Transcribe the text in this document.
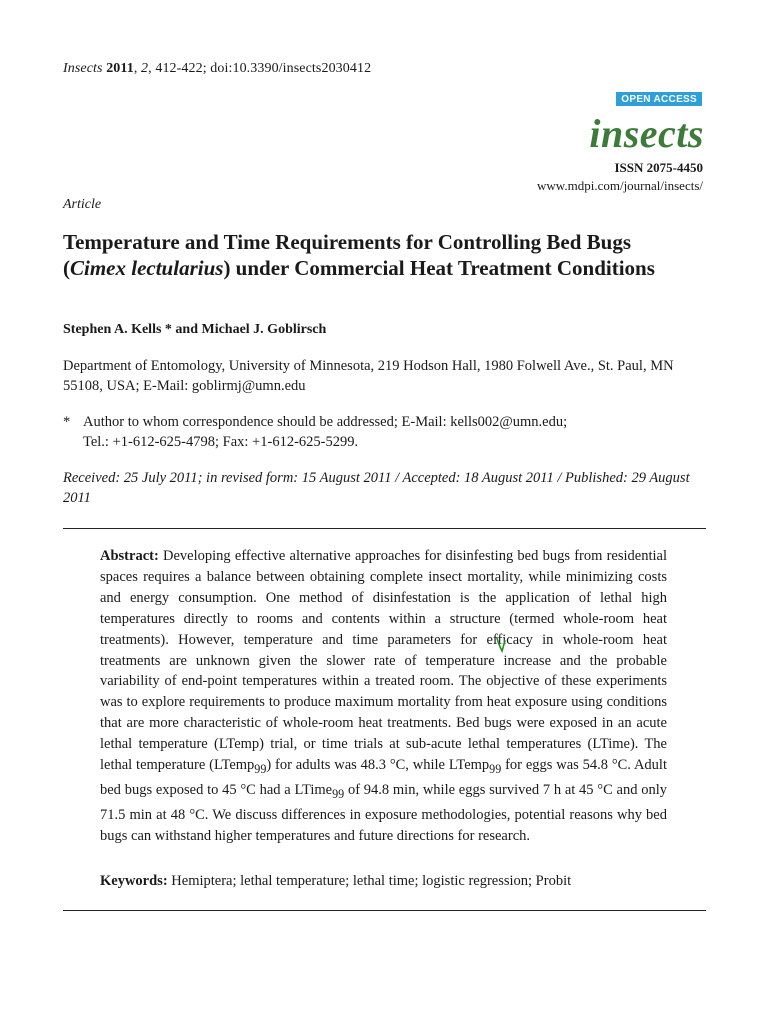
Insects 2011, 2, 412-422; doi:10.3390/insects2030412
OPEN ACCESS
insects
ISSN 2075-4450
www.mdpi.com/journal/insects/
Article
Temperature and Time Requirements for Controlling Bed Bugs (Cimex lectularius) under Commercial Heat Treatment Conditions
Stephen A. Kells * and Michael J. Goblirsch
Department of Entomology, University of Minnesota, 219 Hodson Hall, 1980 Folwell Ave., St. Paul, MN 55108, USA; E-Mail: goblirmj@umn.edu
* Author to whom correspondence should be addressed; E-Mail: kells002@umn.edu;
Tel.: +1-612-625-4798; Fax: +1-612-625-5299.
Received: 25 July 2011; in revised form: 15 August 2011 / Accepted: 18 August 2011 / Published: 29 August 2011

Abstract: Developing effective alternative approaches for disinfesting bed bugs from residential spaces requires a balance between obtaining complete insect mortality, while minimizing costs and energy consumption. One method of disinfestation is the application of lethal high temperatures directly to rooms and contents within a structure (termed whole-room heat treatments). However, temperature and time parameters for efficacy in whole-room heat treatments are unknown given the slower rate of temperature increase and the probable variability of end-point temperatures within a treated room. The objective of these experiments was to explore requirements to produce maximum mortality from heat exposure using conditions that are more characteristic of whole-room heat treatments. Bed bugs were exposed in an acute lethal temperature (LTemp) trial, or time trials at sub-acute lethal temperatures (LTime). The lethal temperature (LTemp$_{99}$) for adults was 48.3 °C, while LTemp$_{99}$ for eggs was 54.8 °C. Adult bed bugs exposed to 45 °C had a LTime$_{99}$ of 94.8 min, while eggs survived 7 h at 45 °C and only 71.5 min at 48 °C. We discuss differences in exposure methodologies, potential reasons why bed bugs can withstand higher temperatures and future directions for research.

Keywords: Hemiptera; lethal temperature; lethal time; logistic regression; Probit
